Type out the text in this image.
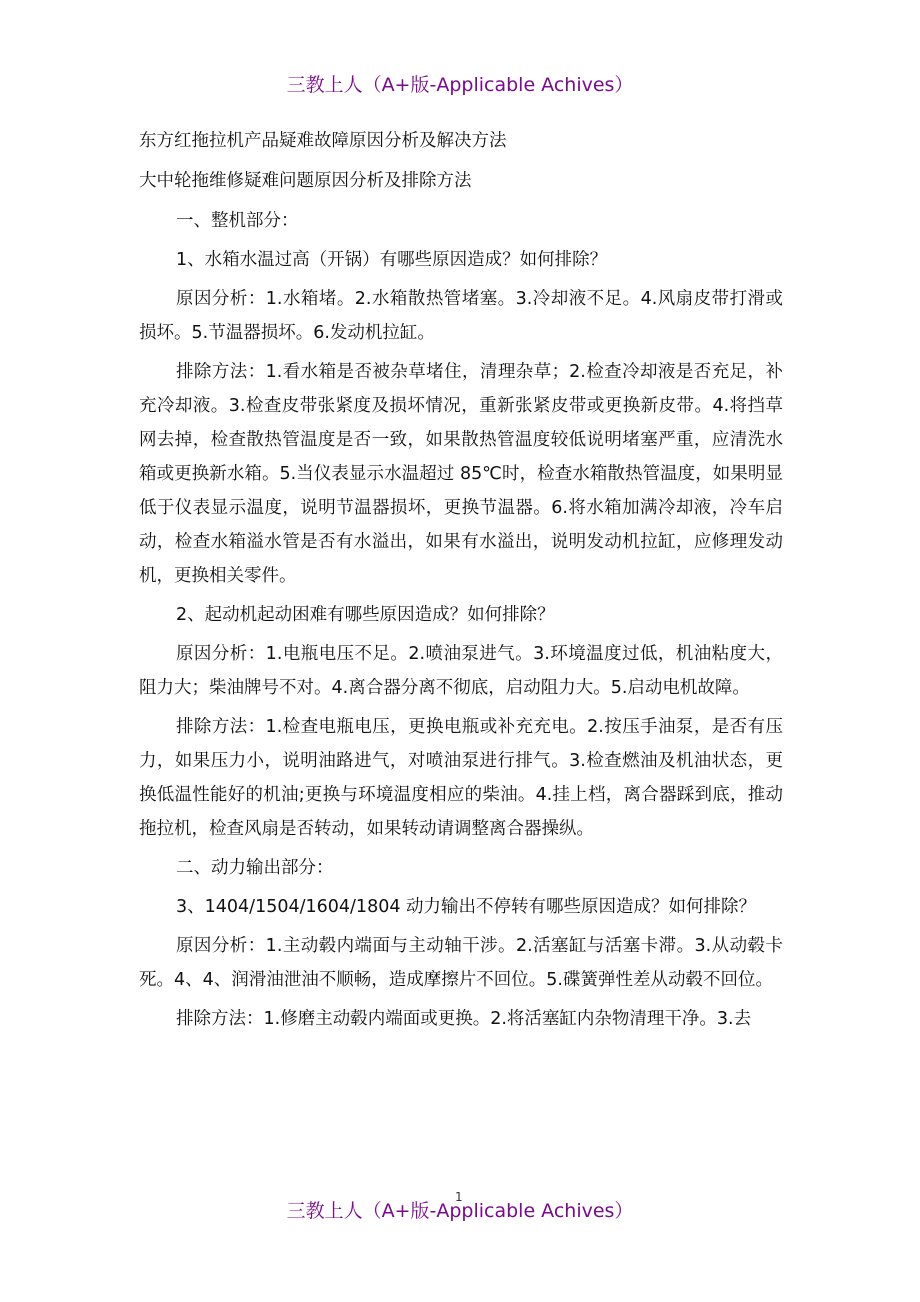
三教上人（A+版-Applicable Achives）

东方红拖拉机产品疑难故障原因分析及解决方法

大中轮拖维修疑难问题原因分析及排除方法

一、整机部分：

1、水箱水温过高（开锅）有哪些原因造成？如何排除？

原因分析：1.水箱堵。2.水箱散热管堵塞。3.冷却液不足。4.风扇皮带打滑或损坏。5.节温器损坏。6.发动机拉缸。

排除方法：1.看水箱是否被杂草堵住，清理杂草；2.检查冷却液是否充足，补充冷却液。3.检查皮带张紧度及损坏情况，重新张紧皮带或更换新皮带。4.将挡草网去掉，检查散热管温度是否一致，如果散热管温度较低说明堵塞严重，应清洗水箱或更换新水箱。5.当仪表显示水温超过 85℃时，检查水箱散热管温度，如果明显低于仪表显示温度，说明节温器损坏，更换节温器。6.将水箱加满冷却液，冷车启动，检查水箱溢水管是否有水溢出，如果有水溢出，说明发动机拉缸，应修理发动机，更换相关零件。

2、起动机起动困难有哪些原因造成？如何排除？

原因分析：1.电瓶电压不足。2.喷油泵进气。3.环境温度过低，机油粘度大，阻力大；柴油牌号不对。4.离合器分离不彻底，启动阻力大。5.启动电机故障。

排除方法：1.检查电瓶电压，更换电瓶或补充充电。2.按压手油泵，是否有压力，如果压力小，说明油路进气，对喷油泵进行排气。3.检查燃油及机油状态，更换低温性能好的机油;更换与环境温度相应的柴油。4.挂上档，离合器踩到底，推动拖拉机，检查风扇是否转动，如果转动请调整离合器操纵。

二、动力输出部分：

3、1404/1504/1604/1804 动力输出不停转有哪些原因造成？如何排除？

原因分析：1.主动毂内端面与主动轴干涉。2.活塞缸与活塞卡滞。3.从动毂卡死。4、4、润滑油泄油不顺畅，造成摩擦片不回位。5.碟簧弹性差从动毂不回位。

排除方法：1.修磨主动毂内端面或更换。2.将活塞缸内杂物清理干净。3.去

1
三教上人（A+版-Applicable Achives）
